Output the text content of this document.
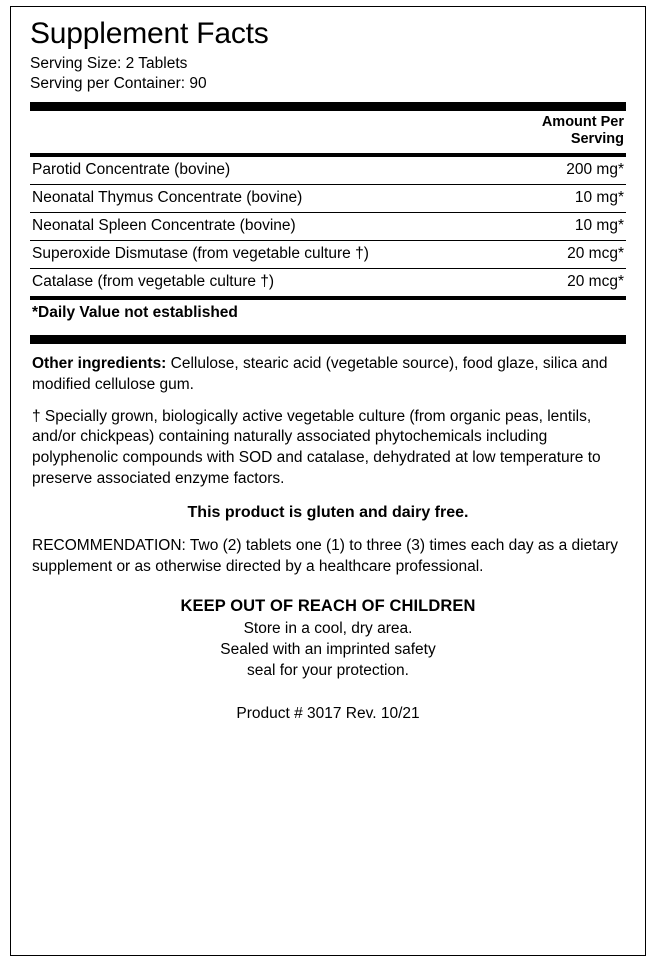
Supplement Facts
Serving Size: 2 Tablets
Serving per Container: 90
Amount Per
Serving
Parotid Concentrate (bovine)	200 mg*
Neonatal Thymus Concentrate (bovine)	10 mg*
Neonatal Spleen Concentrate (bovine)	10 mg*
Superoxide Dismutase (from vegetable culture †)	20 mcg*
Catalase (from vegetable culture †)	20 mcg*
*Daily Value not established
Other ingredients: Cellulose, stearic acid (vegetable source), food glaze, silica and modified cellulose gum.
† Specially grown, biologically active vegetable culture (from organic peas, lentils, and/or chickpeas) containing naturally associated phytochemicals including polyphenolic compounds with SOD and catalase, dehydrated at low temperature to preserve associated enzyme factors.
This product is gluten and dairy free.
RECOMMENDATION: Two (2) tablets one (1) to three (3) times each day as a dietary supplement or as otherwise directed by a healthcare professional.
KEEP OUT OF REACH OF CHILDREN
Store in a cool, dry area.
Sealed with an imprinted safety
seal for your protection.
Product # 3017 Rev. 10/21
